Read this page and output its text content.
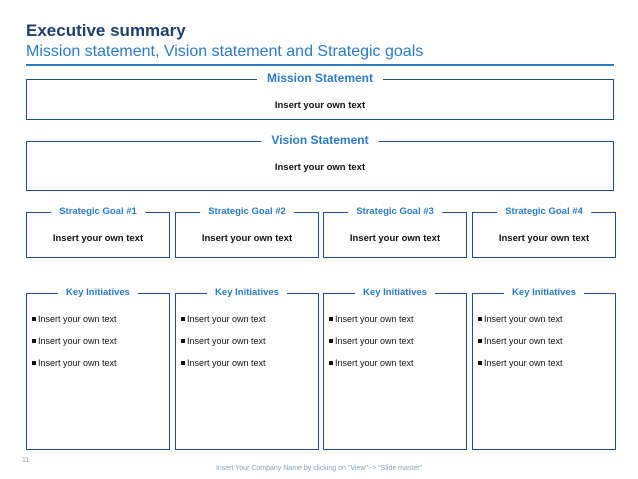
Executive summary
Mission statement, Vision statement and Strategic goals
Mission Statement
Insert your own text
Vision Statement
Insert your own text
Strategic Goal #1
Insert your own text
Strategic Goal #2
Insert your own text
Strategic Goal #3
Insert your own text
Strategic Goal #4
Insert your own text
Key Initiatives
Insert your own text
Insert your own text
Insert your own text
Key Initiatives
Insert your own text
Insert your own text
Insert your own text
Key Initiatives
Insert your own text
Insert your own text
Insert your own text
Key Initiatives
Insert your own text
Insert your own text
Insert your own text
11
Insert Your Company Name by clicking on "View" -> "Slide master"
